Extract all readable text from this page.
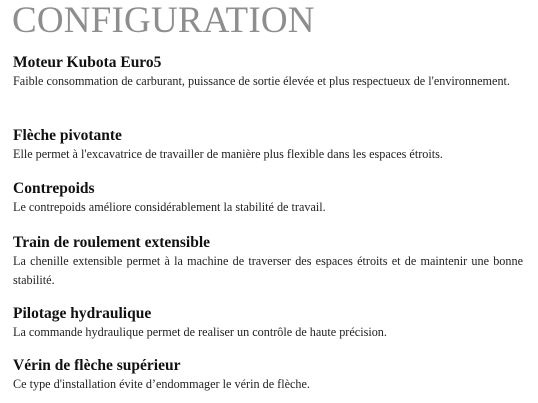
CONFIGURATION
Moteur Kubota Euro5

Faible consommation de carburant, puissance de sortie élevée et plus respectueux de l'environnement.

Flèche pivotante

Elle permet à l'excavatrice de travailler de manière plus flexible dans les espaces étroits.

Contrepoids

Le contrepoids améliore considérablement la stabilité de travail.

Train de roulement extensible

La chenille extensible permet à la machine de traverser des espaces étroits et de maintenir une bonne stabilité.

Pilotage hydraulique

La commande hydraulique permet de realiser un contrôle de haute précision.

Vérin de flèche supérieur

Ce type d'installation évite d’endommager le vérin de flèche.
